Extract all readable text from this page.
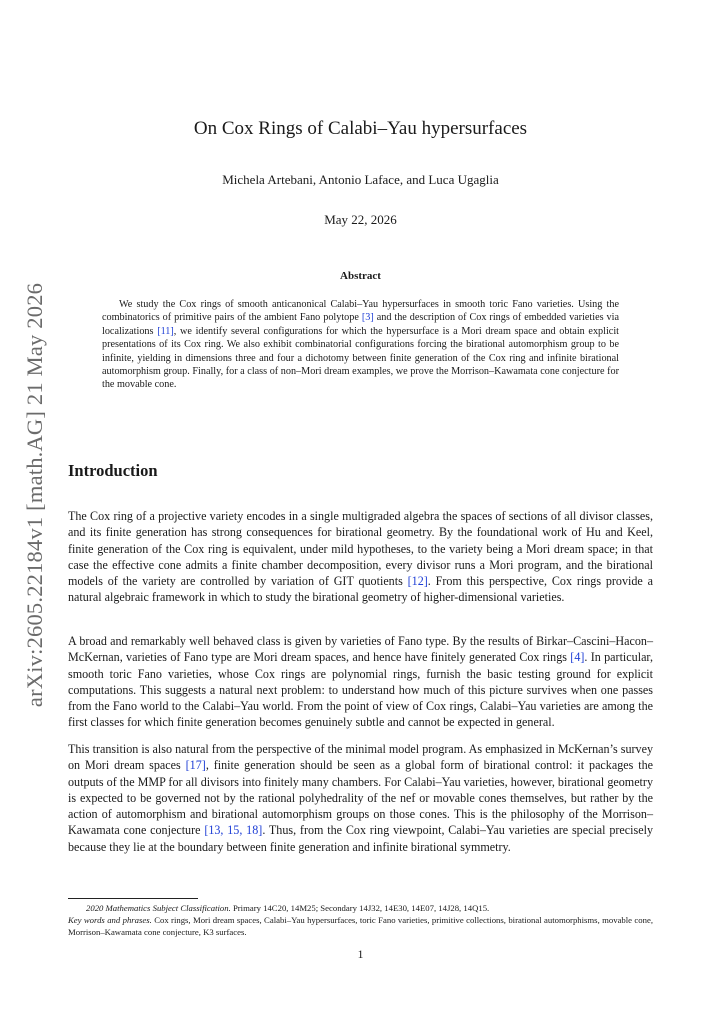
arXiv:2605.22184v1 [math.AG] 21 May 2026
On Cox Rings of Calabi–Yau hypersurfaces
Michela Artebani, Antonio Laface, and Luca Ugaglia
May 22, 2026
Abstract

We study the Cox rings of smooth anticanonical Calabi–Yau hypersurfaces in smooth toric Fano varieties. Using the combinatorics of primitive pairs of the ambient Fano polytope [3] and the description of Cox rings of embedded varieties via localizations [11], we identify several configurations for which the hypersurface is a Mori dream space and obtain explicit presentations of its Cox ring. We also exhibit combinatorial configurations forcing the birational automorphism group to be infinite, yielding in dimensions three and four a dichotomy between finite generation of the Cox ring and infinite birational automorphism group. Finally, for a class of non–Mori dream examples, we prove the Morrison–Kawamata cone conjecture for the movable cone.

Introduction

The Cox ring of a projective variety encodes in a single multigraded algebra the spaces of sections of all divisor classes, and its finite generation has strong consequences for birational geometry. By the foundational work of Hu and Keel, finite generation of the Cox ring is equivalent, under mild hypotheses, to the variety being a Mori dream space; in that case the effective cone admits a finite chamber decomposition, every divisor runs a Mori program, and the birational models of the variety are controlled by variation of GIT quotients [12]. From this perspective, Cox rings provide a natural algebraic framework in which to study the birational geometry of higher-dimensional varieties.

A broad and remarkably well behaved class is given by varieties of Fano type. By the results of Birkar–Cascini–Hacon–McKernan, varieties of Fano type are Mori dream spaces, and hence have finitely generated Cox rings [4]. In particular, smooth toric Fano varieties, whose Cox rings are polynomial rings, furnish the basic testing ground for explicit computations. This suggests a natural next problem: to understand how much of this picture survives when one passes from the Fano world to the Calabi–Yau world. From the point of view of Cox rings, Calabi–Yau varieties are among the first classes for which finite generation becomes genuinely subtle and cannot be expected in general.

This transition is also natural from the perspective of the minimal model program. As emphasized in McKernan’s survey on Mori dream spaces [17], finite generation should be seen as a global form of birational control: it packages the outputs of the MMP for all divisors into finitely many chambers. For Calabi–Yau varieties, however, birational geometry is expected to be governed not by the rational polyhedrality of the nef or movable cones themselves, but rather by the action of automorphism and birational automorphism groups on those cones. This is the philosophy of the Morrison–Kawamata cone conjecture [13, 15, 18]. Thus, from the Cox ring viewpoint, Calabi–Yau varieties are special precisely because they lie at the boundary between finite generation and infinite birational symmetry.

2020 Mathematics Subject Classification. Primary 14C20, 14M25; Secondary 14J32, 14E30, 14E07, 14J28, 14Q15.
Key words and phrases. Cox rings, Mori dream spaces, Calabi–Yau hypersurfaces, toric Fano varieties, primitive collections, birational automorphisms, movable cone, Morrison–Kawamata cone conjecture, K3 surfaces.

1
